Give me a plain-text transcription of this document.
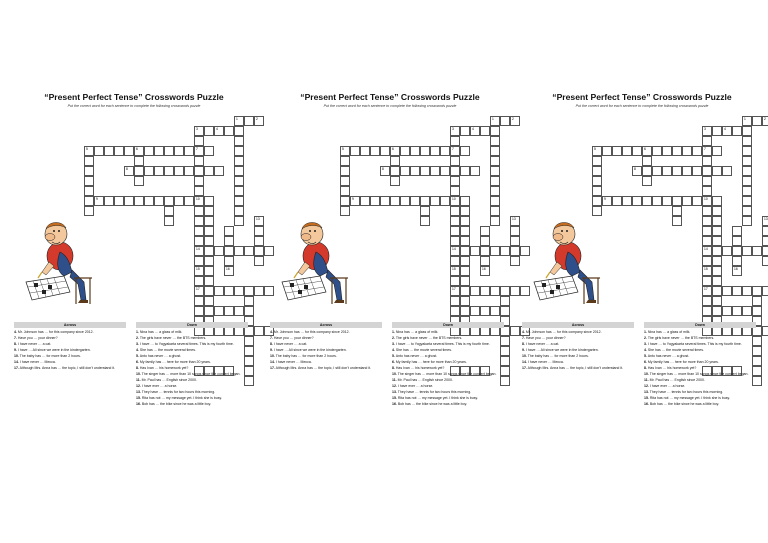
“Present Perfect Tense” Crosswords Puzzle
Put the correct word for each sentence to complete the following crosswords puzzle
1	2
4
3
7
10
14
15
17
13
16
5	6
8
9
Across
4. Mr. Johnson has … for this company since 2012.
7. Have you … your dinner?
8. I have never … a cat.
9. I have … Ali since we were in the kindergarten.
10. The baby has … for more than 2 hours.
14. I have never … Mecca.
17. Although Mrs. Anna has … the topic, I still don't understand it.
Down
1. Nina has … a glass of milk.
2. The girls have never … the BTS members.
3. I have … to Yogyakarta several times. This is my fourth time.
4. She has … the movie several times.
5. Anto has never … a ghost.
6. My family has … here for more than 20 years.
8. Has Ivan … his homework yet?
10. The singer has … more than 10 songs since the concert began.
11. Mr. Paul has … English since 2000.
12. I have ever … a horse.
13. They have … tennis for two hours this morning.
15. Rita has not … my message yet. I think she is busy.
16. Bob has … the bike since he was a little boy.
“Present Perfect Tense” Crosswords Puzzle
Put the correct word for each sentence to complete the following crosswords puzzle
1	2
4
3
7
10
14
15
17
13
16
5	6
8
9
Across
4. Mr. Johnson has … for this company since 2012.
7. Have you … your dinner?
8. I have never … a cat.
9. I have … Ali since we were in the kindergarten.
10. The baby has … for more than 2 hours.
14. I have never … Mecca.
17. Although Mrs. Anna has … the topic, I still don't understand it.
Down
1. Nina has … a glass of milk.
2. The girls have never … the BTS members.
3. I have … to Yogyakarta several times. This is my fourth time.
4. She has … the movie several times.
5. Anto has never … a ghost.
6. My family has … here for more than 20 years.
8. Has Ivan … his homework yet?
10. The singer has … more than 10 songs since the concert began.
11. Mr. Paul has … English since 2000.
12. I have ever … a horse.
13. They have … tennis for two hours this morning.
15. Rita has not … my message yet. I think she is busy.
16. Bob has … the bike since he was a little boy.
“Present Perfect Tense” Crosswords Puzzle
Put the correct word for each sentence to complete the following crosswords puzzle
1	2
4
3
7
10
14
15
17
13
16
5	6
8
9
Across
4. Mr. Johnson has … for this company since 2012.
7. Have you … your dinner?
8. I have never … a cat.
9. I have … Ali since we were in the kindergarten.
10. The baby has … for more than 2 hours.
14. I have never … Mecca.
17. Although Mrs. Anna has … the topic, I still don't understand it.
Down
1. Nina has … a glass of milk.
2. The girls have never … the BTS members.
3. I have … to Yogyakarta several times. This is my fourth time.
4. She has … the movie several times.
5. Anto has never … a ghost.
6. My family has … here for more than 20 years.
8. Has Ivan … his homework yet?
10. The singer has … more than 10 songs since the concert began.
11. Mr. Paul has … English since 2000.
12. I have ever … a horse.
13. They have … tennis for two hours this morning.
15. Rita has not … my message yet. I think she is busy.
16. Bob has … the bike since he was a little boy.
